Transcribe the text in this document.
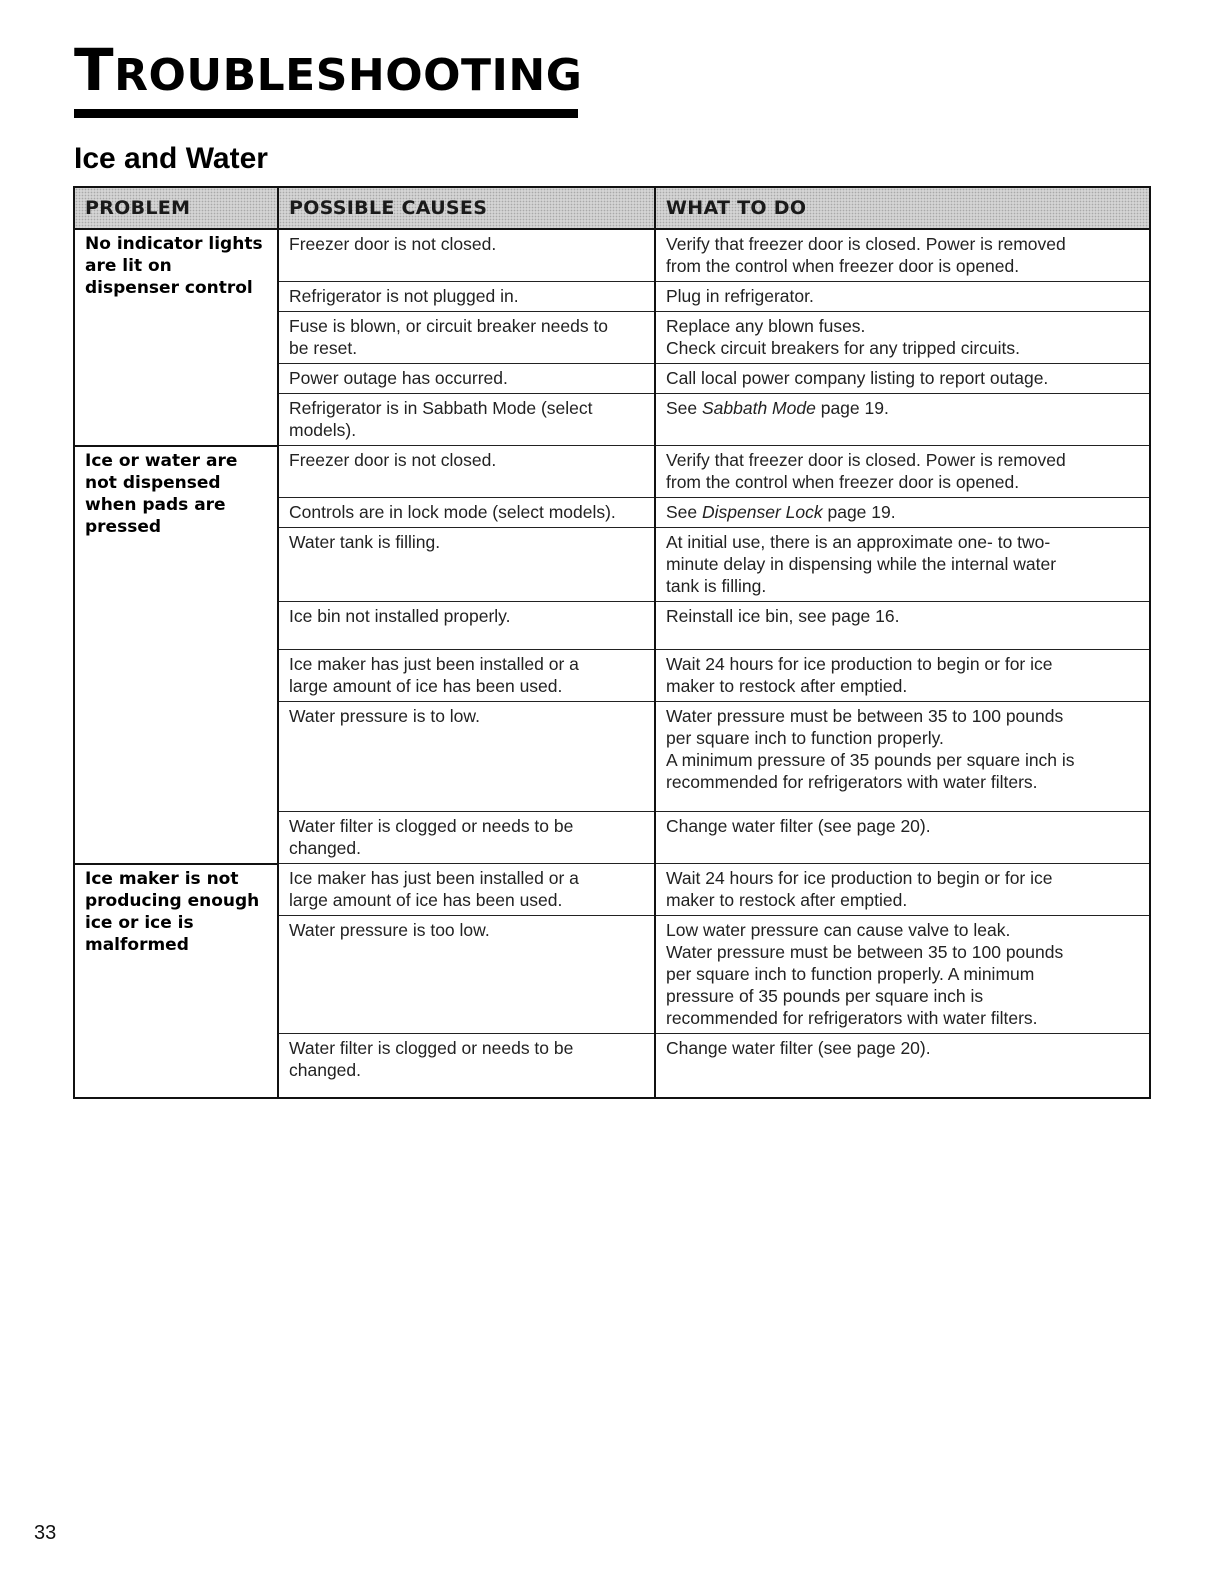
TROUBLESHOOTING
Ice and Water
PROBLEM	POSSIBLE CAUSES	WHAT TO DO
No indicator lights are lit on dispenser control	Freezer door is not closed.	Verify that freezer door is closed. Power is removed
from the control when freezer door is opened.

	Refrigerator is not plugged in.	Plug in refrigerator.

	Fuse is blown, or circuit breaker needs to
be reset.	Replace any blown fuses.
Check circuit breakers for any tripped circuits.

	Power outage has occurred.	Call local power company listing to report outage.

	Refrigerator is in Sabbath Mode (select
models).	See Sabbath Mode page 19.

Ice or water are not dispensed when pads are pressed	Freezer door is not closed.	Verify that freezer door is closed. Power is removed
from the control when freezer door is opened.

	Controls are in lock mode (select models).	See Dispenser Lock page 19.

	Water tank is filling.	At initial use, there is an approximate one- to two-
minute delay in dispensing while the internal water
tank is filling.

	Ice bin not installed properly.	Reinstall ice bin, see page 16.

	Ice maker has just been installed or a
large amount of ice has been used.	Wait 24 hours for ice production to begin or for ice
maker to restock after emptied.

	Water pressure is to low.	Water pressure must be between 35 to 100 pounds
per square inch to function properly.
A minimum pressure of 35 pounds per square inch is
recommended for refrigerators with water filters.

	Water filter is clogged or needs to be
changed.	Change water filter (see page 20).

Ice maker is not producing enough ice or ice is malformed	Ice maker has just been installed or a
large amount of ice has been used.	Wait 24 hours for ice production to begin or for ice
maker to restock after emptied.

	Water pressure is too low.	Low water pressure can cause valve to leak.
Water pressure must be between 35 to 100 pounds
per square inch to function properly. A minimum
pressure of 35 pounds per square inch is
recommended for refrigerators with water filters.

	Water filter is clogged or needs to be
changed.	Change water filter (see page 20).
33
